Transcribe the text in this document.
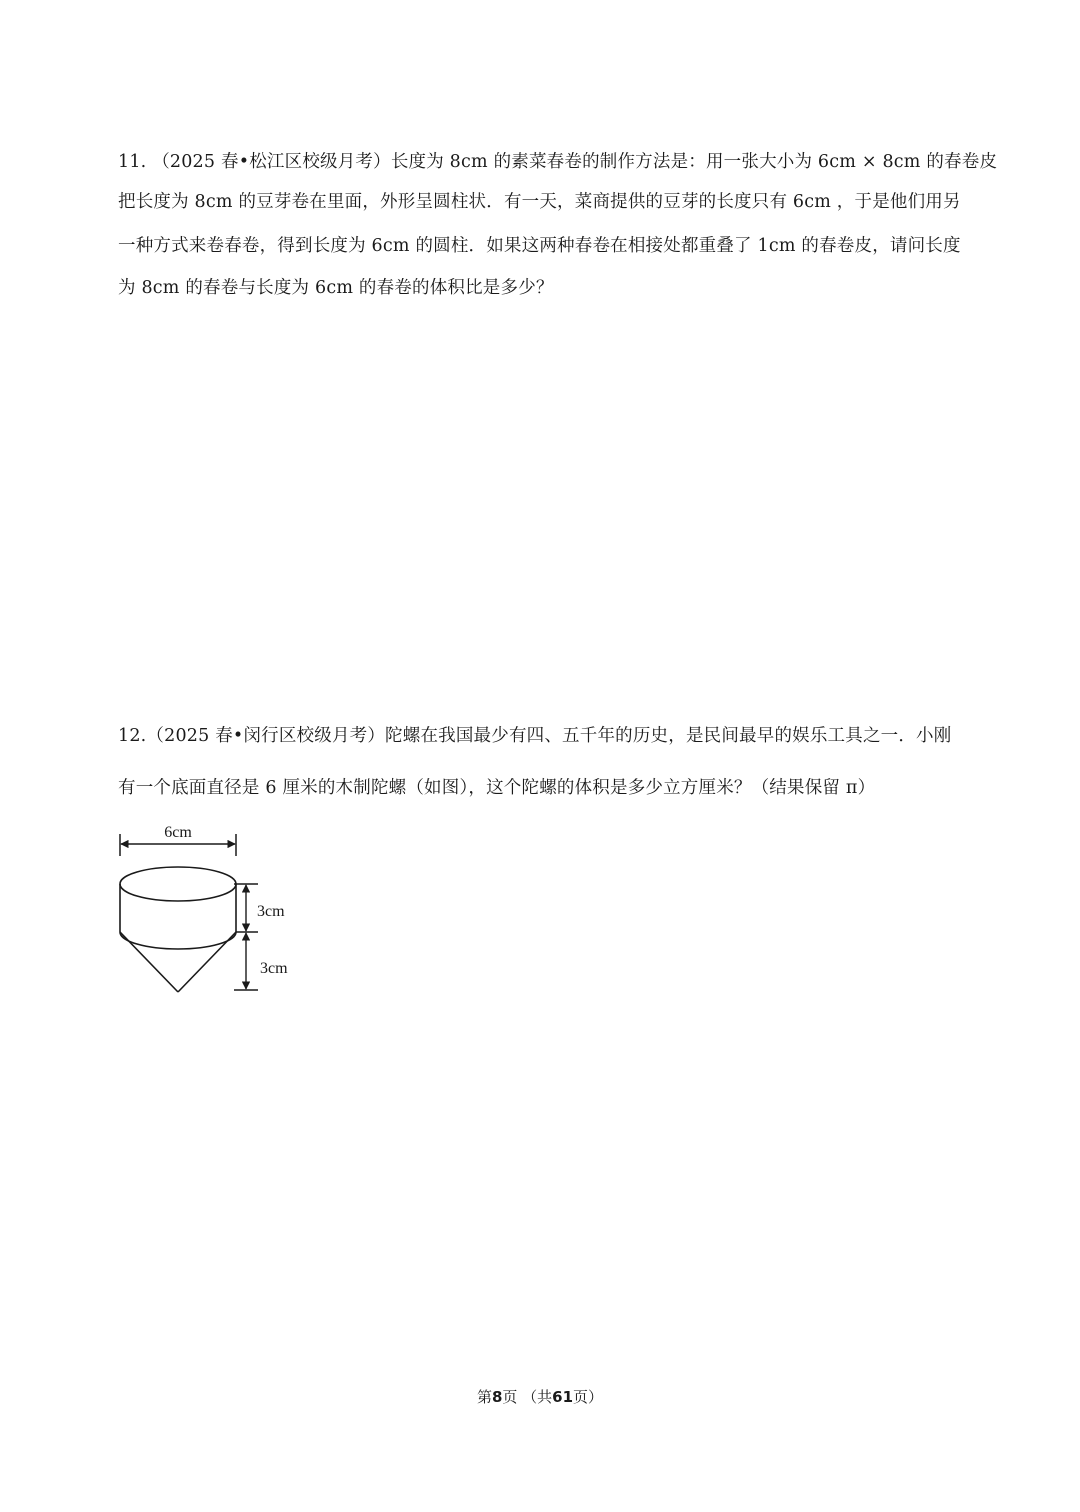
11. （2025 春•松江区校级月考）长度为 8cm 的素菜春卷的制作方法是：用一张大小为 6cm × 8cm 的春卷皮
把长度为 8cm 的豆芽卷在里面，外形呈圆柱状．有一天，菜商提供的豆芽的长度只有 6cm ，于是他们用另
一种方式来卷春卷，得到长度为 6cm 的圆柱．如果这两种春卷在相接处都重叠了 1cm 的春卷皮，请问长度
为 8cm 的春卷与长度为 6cm 的春卷的体积比是多少？
12.（2025 春•闵行区校级月考）陀螺在我国最少有四、五千年的历史，是民间最早的娱乐工具之一．小刚
有一个底面直径是 6 厘米的木制陀螺（如图），这个陀螺的体积是多少立方厘米？（结果保留 π）
6cm
3cm
3cm
第8页 （共61页）
